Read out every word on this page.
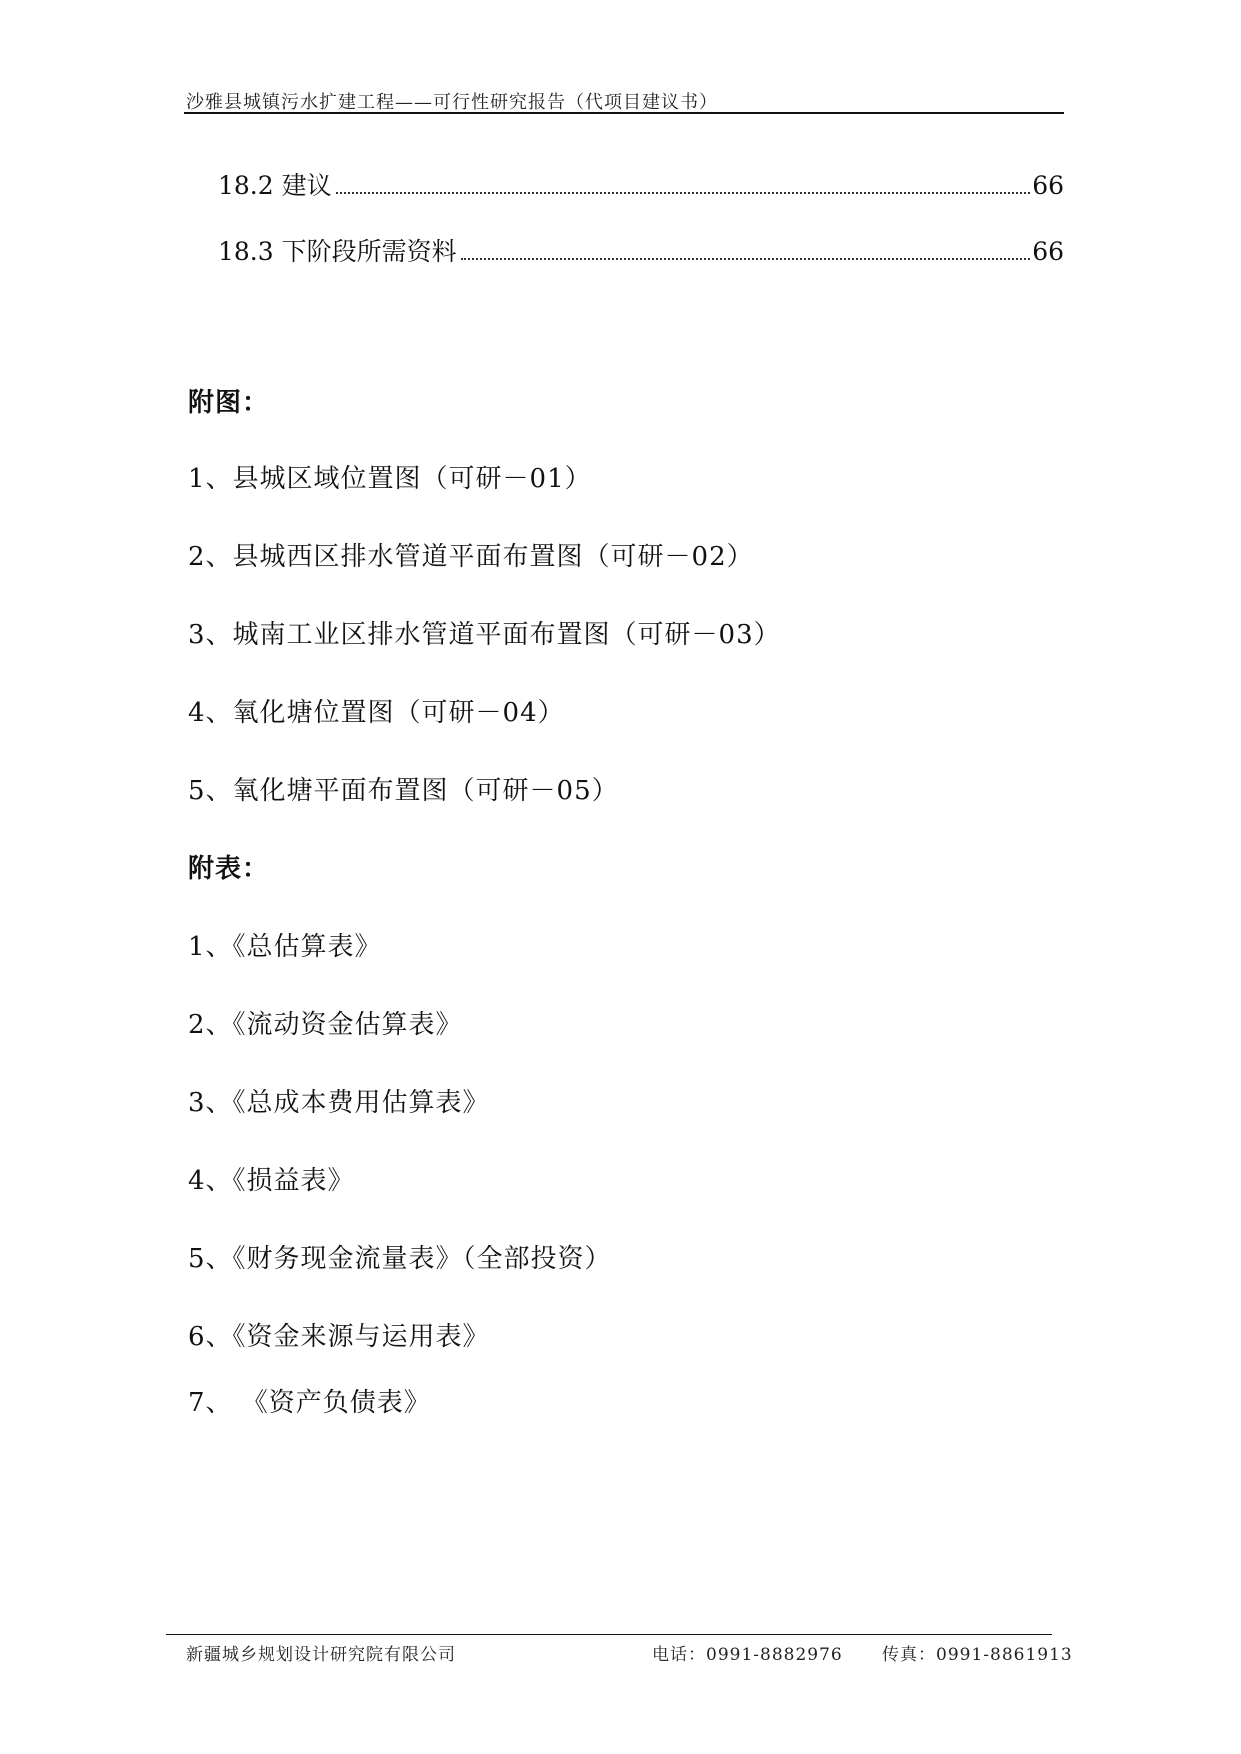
沙雅县城镇污水扩建工程——可行性研究报告（代项目建议书）
18.2 建议	66
18.3 下阶段所需资料	66
附图：
1、县城区域位置图（可研－01）
2、县城西区排水管道平面布置图（可研－02）
3、城南工业区排水管道平面布置图（可研－03）
4、氧化塘位置图（可研－04）
5、氧化塘平面布置图（可研－05）
附表：
1、《总估算表》
2、《流动资金估算表》
3、《总成本费用估算表》
4、《损益表》
5、《财务现金流量表》（全部投资）
6、《资金来源与运用表》
7、 《资产负债表》
新疆城乡规划设计研究院有限公司	电话：0991-8882976 传真：0991-8861913
